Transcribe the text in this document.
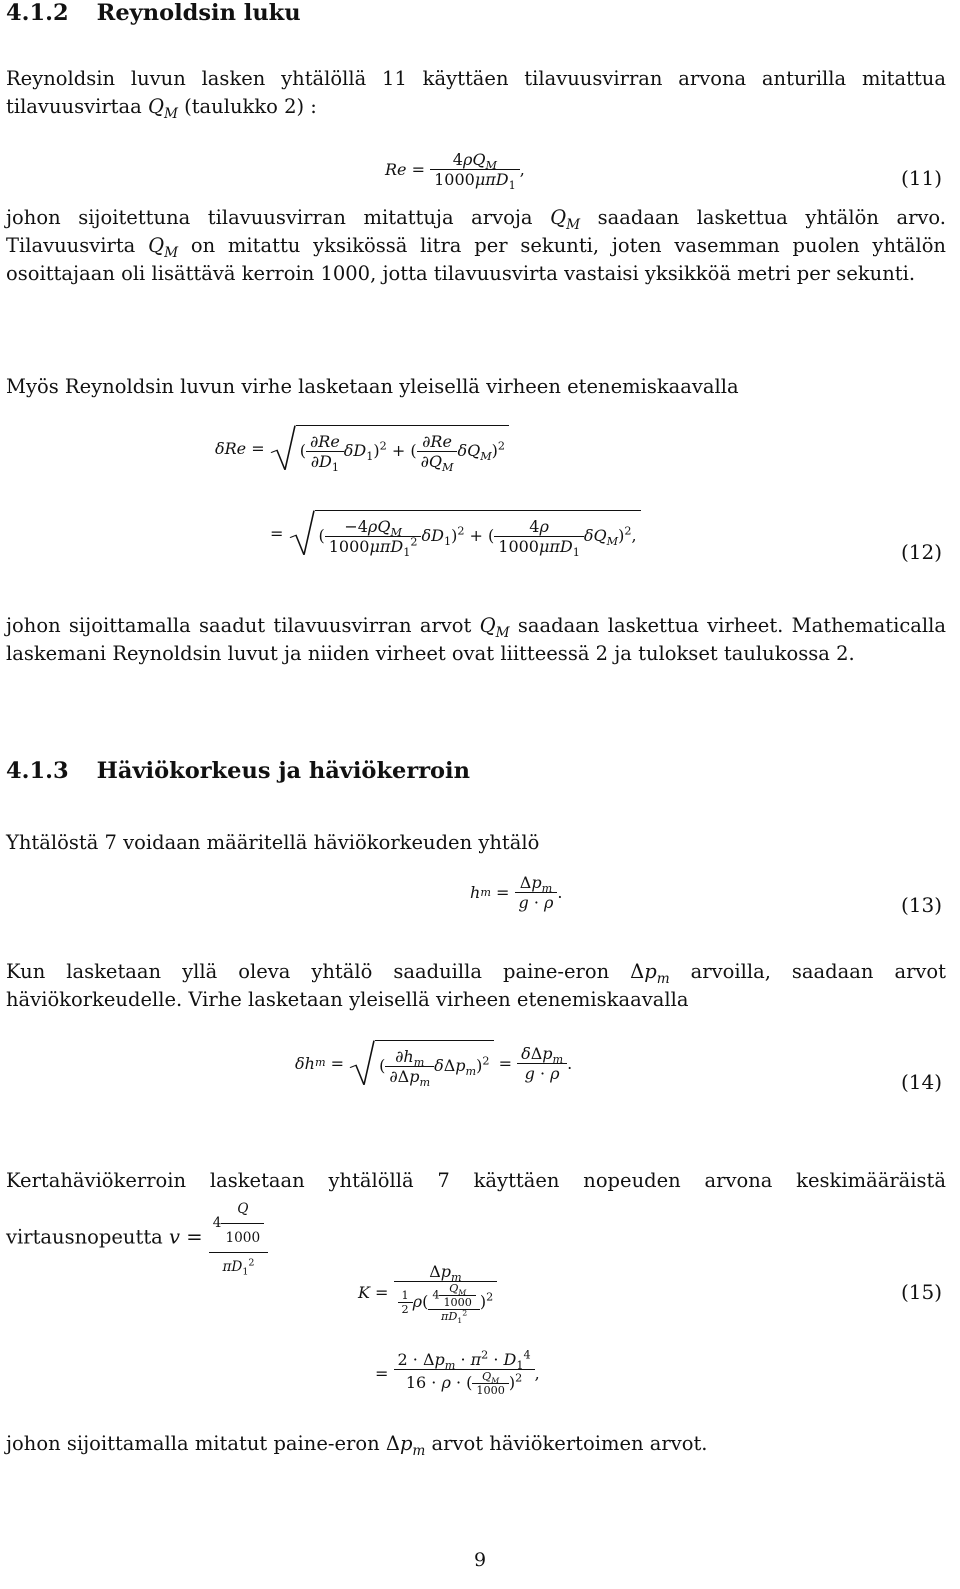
4.1.2 Reynoldsin luku
Reynoldsin luvun lasken yhtälöllä 11 käyttäen tilavuusvirran arvona anturilla mitattua tilavuusvirtaa $Q_M$ (taulukko 2) :
$Re = \frac{4\rho Q_M}{1000\mu\pi D_1}$ ,	(11)
johon sijoitettuna tilavuusvirran mitattuja arvoja $Q_M$ saadaan laskettua yhtälön arvo. Tilavuusvirta $Q_M$ on mitattu yksikössä litra per sekunti, joten vasemman puolen yhtälön osoittajaan oli lisättävä kerroin 1000, jotta tilavuusvirta vastaisi yksikköä metri per sekunti.
Myös Reynoldsin luvun virhe lasketaan yleisellä virheen etenemiskaavalla
δRe =	( $\frac{\partial Re}{\partial D_1} \delta D_1)^2$ + ( $\frac{\partial Re}{\partial Q_M} \delta Q_M)^2$
=	( $\frac{-4\rho Q_M}{1000\mu\pi D_1^2} \delta D_1)^2$ + ( $\frac{4\rho}{1000\mu\pi D_1} \delta Q_M)^2$,
(12)
johon sijoittamalla saadut tilavuusvirran arvot $Q_M$ saadaan laskettua virheet. Mathematicalla laskemani Reynoldsin luvut ja niiden virheet ovat liitteessä 2 ja tulokset taulukossa 2.
4.1.3 Häviökorkeus ja häviökerroin
Yhtälöstä 7 voidaan määritellä häviökorkeuden yhtälö
h $m = \frac{\Delta p_m}{g \cdot \rho}$ .
(13)
Kun lasketaan yllä oleva yhtälö saaduilla paine-eron $\Delta p_m$ arvoilla, saadaan arvot häviökorkeudelle. Virhe lasketaan yleisellä virheen etenemiskaavalla
δh m =	( $\frac{\partial h_m}{\partial\Delta p_m} \delta\Delta p_m)^2 = \frac{\delta\Delta p_m}{g \cdot \rho}$ .
(14)
Kertahäviökerroin lasketaan yhtälöllä 7 käyttäen nopeuden arvona keskimääräistä virtausnopeutta $v = \frac{4 \frac{Q}{1000}}{\pi D_1^2}$
$K = \frac{\Delta p_m}{\frac{1}{2} \rho( \frac{4 \frac{Q_M}{1000}}{\pi D_1^2} )^2}$	(15)
= $\frac{2 \cdot \Delta p_m \cdot \pi^2 \cdot D_1^4}{16 \cdot \rho \cdot ( \frac{Q_M}{1000} )^2}$ ,
johon sijoittamalla mitatut paine-eron $\Delta p_m$ arvot häviökertoimen arvot.
9
